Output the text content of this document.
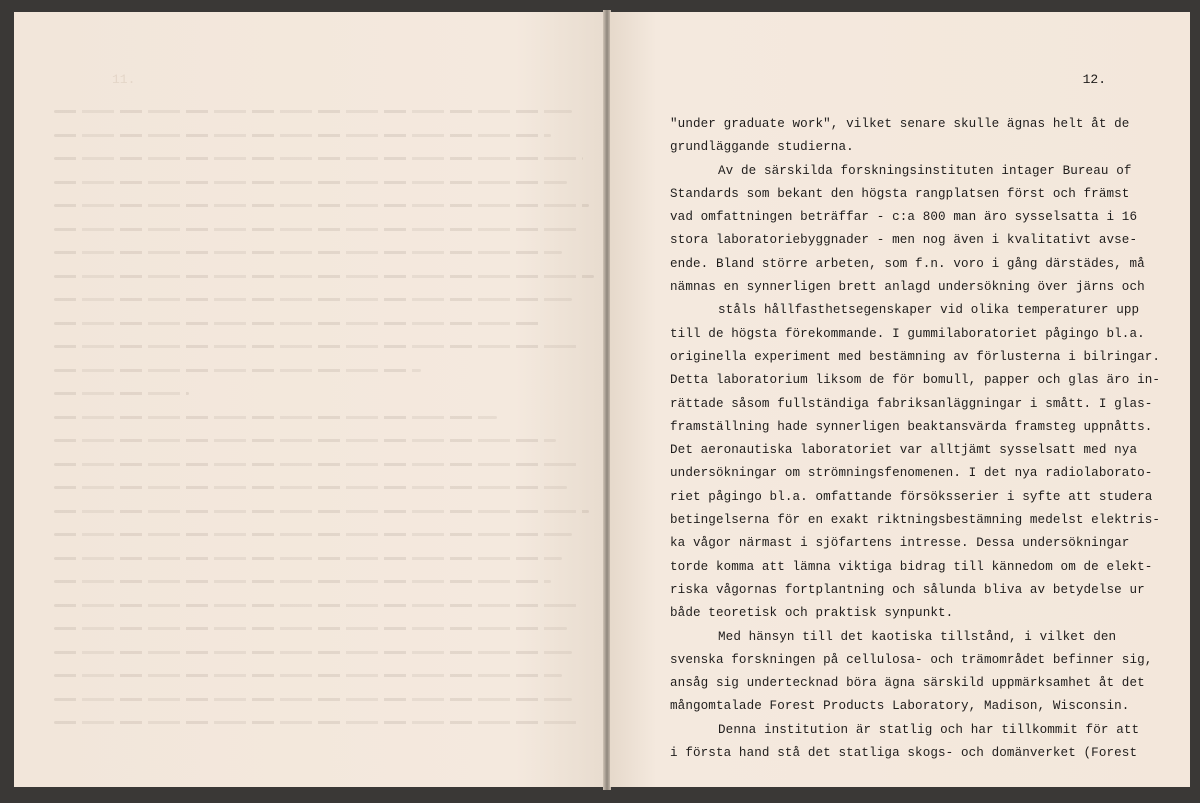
11.	12.
"under graduate work", vilket senare skulle ägnas helt åt de
grundläggande studierna.
Av de särskilda forskningsinstituten intager Bureau of
Standards som bekant den högsta rangplatsen först och främst
vad omfattningen beträffar - c:a 800 man äro sysselsatta i 16
stora laboratoriebyggnader - men nog även i kvalitativt avse-
ende. Bland större arbeten, som f.n. voro i gång därstädes, må
nämnas en synnerligen brett anlagd undersökning över järns och
ståls hållfasthetsegenskaper vid olika temperaturer upp
till de högsta förekommande. I gummilaboratoriet pågingo bl.a.
originella experiment med bestämning av förlusterna i bilringar.
Detta laboratorium liksom de för bomull, papper och glas äro in-
rättade såsom fullständiga fabriksanläggningar i smått. I glas-
framställning hade synnerligen beaktansvärda framsteg uppnåtts.
Det aeronautiska laboratoriet var alltjämt sysselsatt med nya
undersökningar om strömningsfenomenen. I det nya radiolaborato-
riet pågingo bl.a. omfattande försöksserier i syfte att studera
betingelserna för en exakt riktningsbestämning medelst elektris-
ka vågor närmast i sjöfartens intresse. Dessa undersökningar
torde komma att lämna viktiga bidrag till kännedom om de elekt-
riska vågornas fortplantning och sålunda bliva av betydelse ur
både teoretisk och praktisk synpunkt.
Med hänsyn till det kaotiska tillstånd, i vilket den
svenska forskningen på cellulosa- och trämområdet befinner sig,
ansåg sig undertecknad böra ägna särskild uppmärksamhet åt det
mångomtalade Forest Products Laboratory, Madison, Wisconsin.
Denna institution är statlig och har tillkommit för att
i första hand stå det statliga skogs- och domänverket (Forest
